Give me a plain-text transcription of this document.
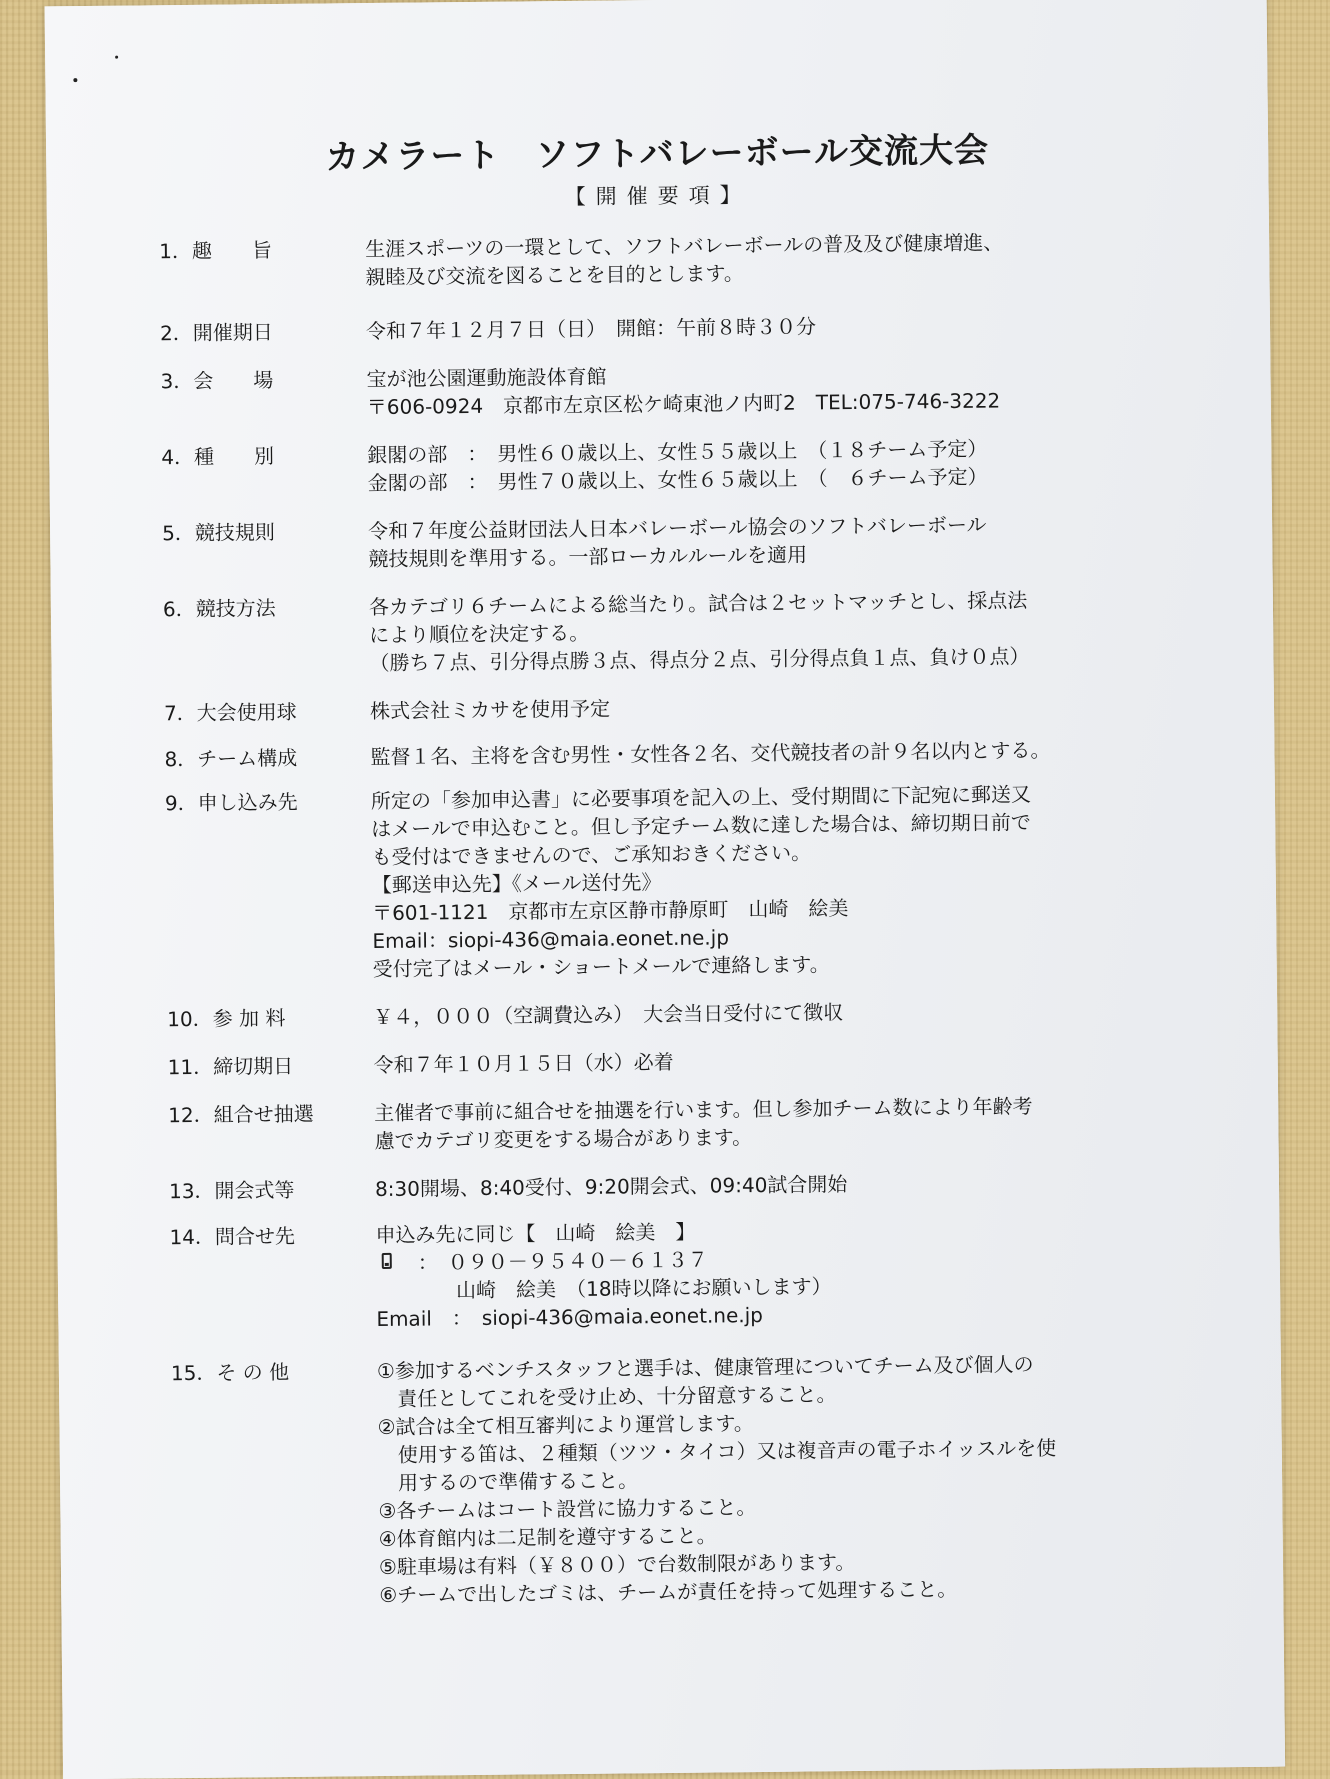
カメラート　ソフトバレーボール交流大会
【開催要項】
1．趣　　旨	生涯スポーツの一環として、ソフトバレーボールの普及及び健康増進、
親睦及び交流を図ることを目的とします。
2．開催期日	令和７年１２月７日（日）　開館：午前８時３０分
3．会　　場	宝が池公園運動施設体育館
〒606-0924　京都市左京区松ケ崎東池ノ内町2　TEL:075-746-3222
4．種　　別	銀閣の部　：　男性６０歳以上、女性５５歳以上　（１８チーム予定）
金閣の部　：　男性７０歳以上、女性６５歳以上　（　６チーム予定）
5．競技規則	令和７年度公益財団法人日本バレーボール協会のソフトバレーボール
競技規則を準用する。一部ローカルルールを適用
6．競技方法	各カテゴリ６チームによる総当たり。試合は２セットマッチとし、採点法
により順位を決定する。
（勝ち７点、引分得点勝３点、得点分２点、引分得点負１点、負け０点）
7．大会使用球	株式会社ミカサを使用予定
8．チーム構成	監督１名、主将を含む男性・女性各２名、交代競技者の計９名以内とする。
9．申し込み先	所定の「参加申込書」に必要事項を記入の上、受付期間に下記宛に郵送又
はメールで申込むこと。但し予定チーム数に達した場合は、締切期日前で
も受付はできませんので、ご承知おきください。
【郵送申込先】《メール送付先》
〒601-1121　京都市左京区静市静原町　山崎　絵美
Email：siopi-436@maia.eonet.ne.jp
受付完了はメール・ショートメールで連絡します。
10．参 加 料	￥４，０００（空調費込み）　大会当日受付にて徴収
11．締切期日	令和７年１０月１５日（水）必着
12．組合せ抽選	主催者で事前に組合せを抽選を行います。但し参加チーム数により年齢考
慮でカテゴリ変更をする場合があります。
13．開会式等	8:30開場、8:40受付、9:20開会式、09:40試合開始
14．問合せ先	申込み先に同じ【　山崎　絵美　】
：　０９０－９５４０－６１３７
　　　　山崎　絵美　（18時以降にお願いします）
Email　：　siopi-436@maia.eonet.ne.jp
15．そ の 他	①参加するベンチスタッフと選手は、健康管理についてチーム及び個人の
　責任としてこれを受け止め、十分留意すること。
②試合は全て相互審判により運営します。
　使用する笛は、２種類（ツツ・タイコ）又は複音声の電子ホイッスルを使
　用するので準備すること。
③各チームはコート設営に協力すること。
④体育館内は二足制を遵守すること。
⑤駐車場は有料（￥８００）で台数制限があります。
⑥チームで出したゴミは、チームが責任を持って処理すること。
